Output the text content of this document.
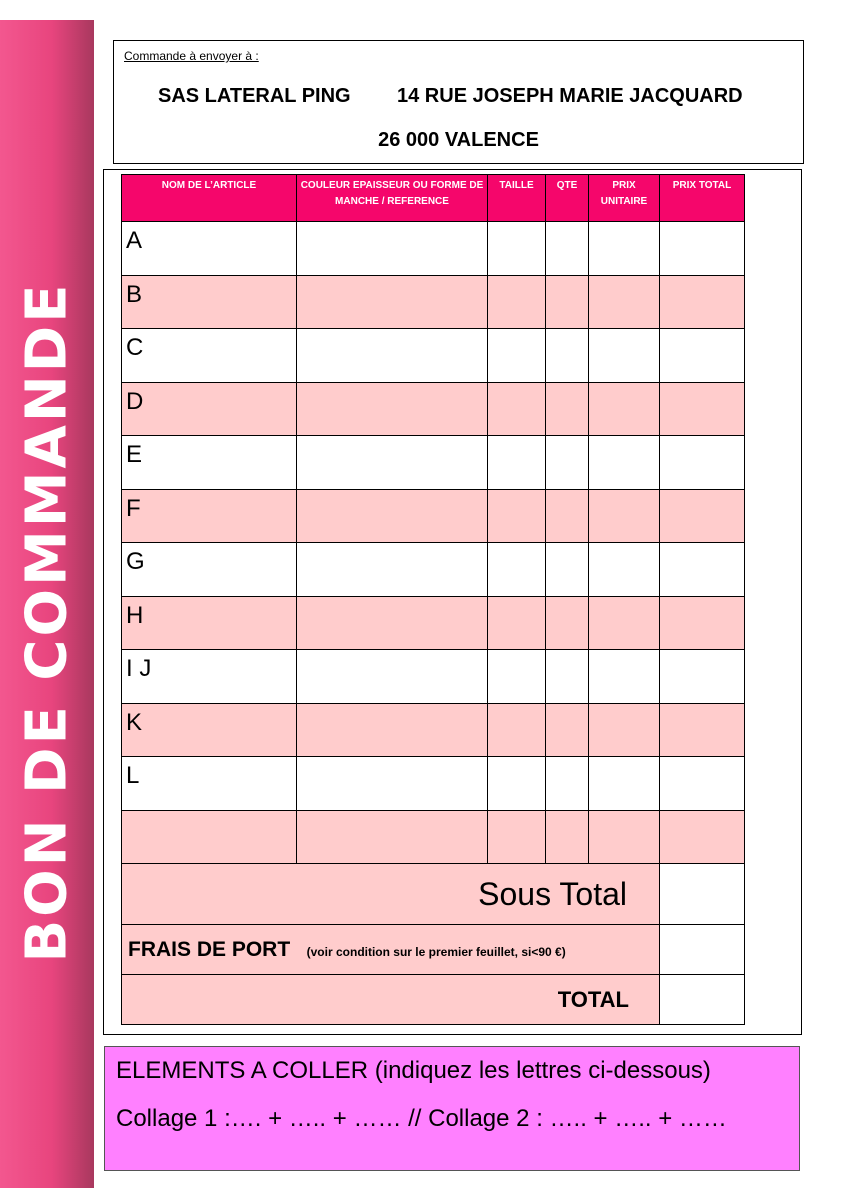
BON DE COMMANDE
Commande à envoyer à :
SAS LATERAL PING 14 RUE JOSEPH MARIE JACQUARD
26 000 VALENCE
NOM DE L’ARTICLE	COULEUR EPAISSEUR OU FORME DE MANCHE / REFERENCE	TAILLE	QTE	PRIX UNITAIRE	PRIX TOTAL
A					
B					
C					
D					
E					
F					
G					
H					
I J					
K					
L					

Sous Total					
FRAIS DE PORT (voir condition sur le premier feuillet, si<90 €)					
TOTAL					
ELEMENTS A COLLER (indiquez les lettres ci-dessous)
Collage 1 :…. + ….. + …… // Collage 2 : ….. + ….. + ……
